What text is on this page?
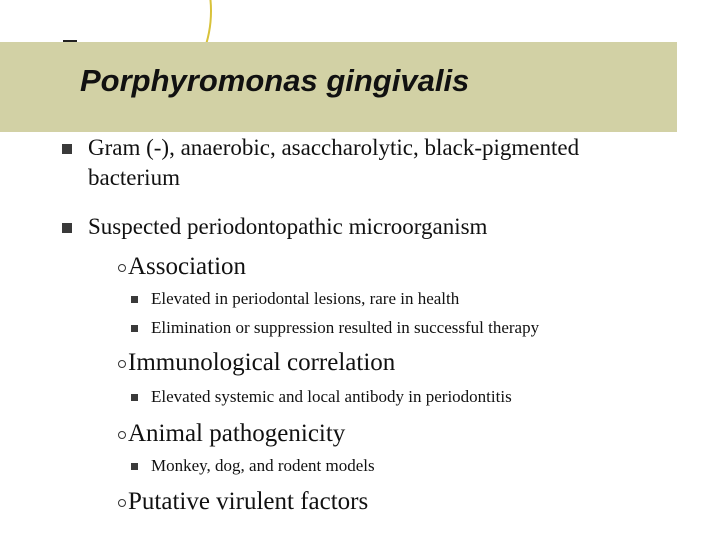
Porphyromonas gingivalis
Gram (-), anaerobic, asaccharolytic, black-pigmented
bacterium
Suspected periodontopathic microorganism
Association
Elevated in periodontal lesions, rare in health
Elimination or suppression resulted in successful therapy
Immunological correlation
Elevated systemic and local antibody in periodontitis
Animal pathogenicity
Monkey, dog, and rodent models
Putative virulent factors
